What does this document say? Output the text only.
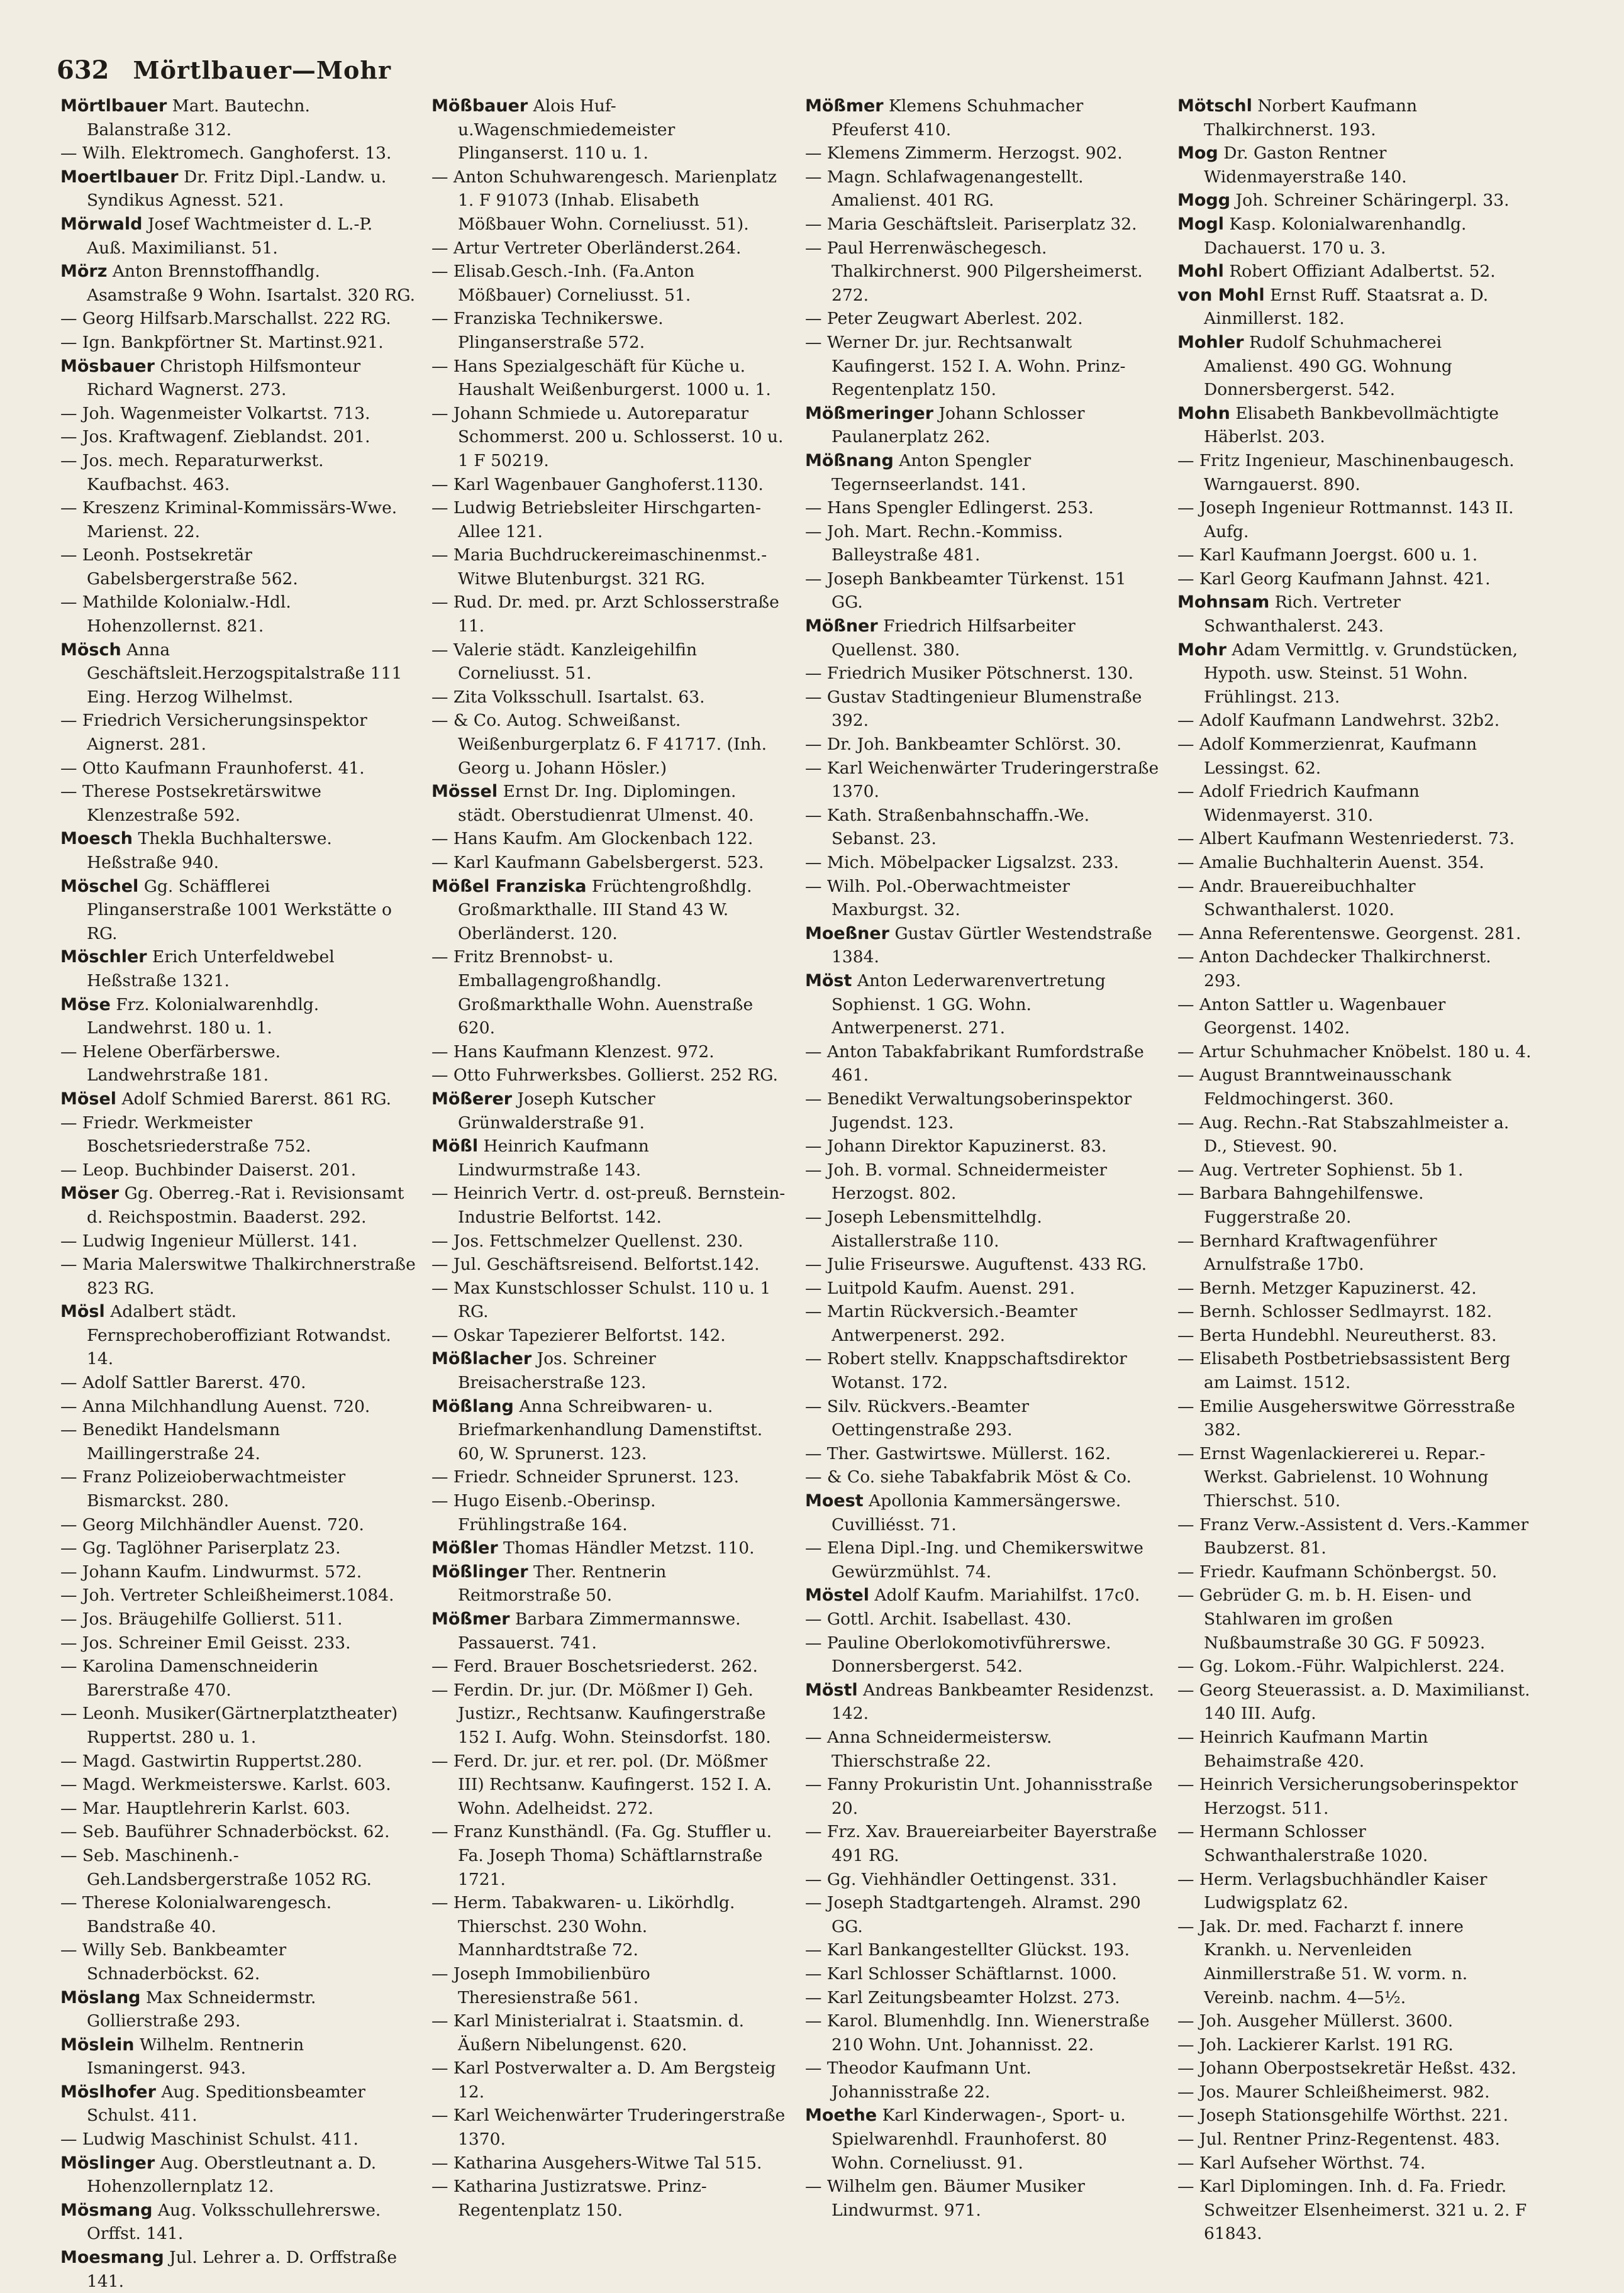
632 Mörtlbauer—Mohr
Mörtlbauer Mart. Bautechn. Balanstraße 312.
— Wilh. Elektromech. Ganghoferst. 13.
Moertlbauer Dr. Fritz Dipl.-Landw. u. Syndikus Agnesst. 521.
Mörwald Josef Wachtmeister d. L.-P. Auß. Maximilianst. 51.
Mörz Anton Brennstoffhandlg. Asamstraße 9 Wohn. Isartalst. 320 RG.
— Georg Hilfsarb.Marschallst. 222 RG.
— Ign. Bankpförtner St. Martinst.921.
Mösbauer Christoph Hilfsmonteur Richard Wagnerst. 273.
— Joh. Wagenmeister Volkartst. 713.
— Jos. Kraftwagenf. Zieblandst. 201.
— Jos. mech. Reparaturwerkst. Kaufbachst. 463.
— Kreszenz Kriminal-Kommissärs-Wwe. Marienst. 22.
— Leonh. Postsekretär Gabelsbergerstraße 562.
— Mathilde Kolonialw.-Hdl. Hohenzollernst. 821.
Mösch Anna Geschäftsleit.Herzogspitalstraße 111 Eing. Herzog Wilhelmst.
— Friedrich Versicherungsinspektor Aignerst. 281.
— Otto Kaufmann Fraunhoferst. 41.
— Therese Postsekretärswitwe Klenzestraße 592.
Moesch Thekla Buchhalterswe. Heßstraße 940.
Möschel Gg. Schäfflerei Plinganserstraße 1001 Werkstätte o RG.
Möschler Erich Unterfeldwebel Heßstraße 1321.
Möse Frz. Kolonialwarenhdlg. Landwehrst. 180 u. 1.
— Helene Oberfärberswe. Landwehrstraße 181.
Mösel Adolf Schmied Barerst. 861 RG.
— Friedr. Werkmeister Boschetsriederstraße 752.
— Leop. Buchbinder Daiserst. 201.
Möser Gg. Oberreg.-Rat i. Revisionsamt d. Reichspostmin. Baaderst. 292.
— Ludwig Ingenieur Müllerst. 141.
— Maria Malerswitwe Thalkirchnerstraße 823 RG.
Mösl Adalbert städt. Fernsprechoberoffiziant Rotwandst. 14.
— Adolf Sattler Barerst. 470.
— Anna Milchhandlung Auenst. 720.
— Benedikt Handelsmann Maillingerstraße 24.
— Franz Polizeioberwachtmeister Bismarckst. 280.
— Georg Milchhändler Auenst. 720.
— Gg. Taglöhner Pariserplatz 23.
— Johann Kaufm. Lindwurmst. 572.
— Joh. Vertreter Schleißheimerst.1084.
— Jos. Bräugehilfe Gollierst. 511.
— Jos. Schreiner Emil Geisst. 233.
— Karolina Damenschneiderin Barerstraße 470.
— Leonh. Musiker(Gärtnerplatztheater) Ruppertst. 280 u. 1.
— Magd. Gastwirtin Ruppertst.280.
— Magd. Werkmeisterswe. Karlst. 603.
— Mar. Hauptlehrerin Karlst. 603.
— Seb. Bauführer Schnaderböckst. 62.
— Seb. Maschinenh.-Geh.Landsbergerstraße 1052 RG.
— Therese Kolonialwarengesch. Bandstraße 40.
— Willy Seb. Bankbeamter Schnaderböckst. 62.
Möslang Max Schneidermstr. Gollierstraße 293.
Möslein Wilhelm. Rentnerin Ismaningerst. 943.
Möslhofer Aug. Speditionsbeamter Schulst. 411.
— Ludwig Maschinist Schulst. 411.
Möslinger Aug. Oberstleutnant a. D. Hohenzollernplatz 12.
Mösmang Aug. Volksschullehrerswe. Orffst. 141.
Moesmang Jul. Lehrer a. D. Orffstraße 141.
Mößbauer Alois Huf-u.Wagenschmiedemeister Plinganserst. 110 u. 1.
— Anton Schuhwarengesch. Marienplatz 1. F 91073 (Inhab. Elisabeth Mößbauer Wohn. Corneliusst. 51).
— Artur Vertreter Oberländerst.264.
— Elisab.Gesch.-Inh. (Fa.Anton Mößbauer) Corneliusst. 51.
— Franziska Technikerswe. Plinganserstraße 572.
— Hans Spezialgeschäft für Küche u. Haushalt Weißenburgerst. 1000 u. 1.
— Johann Schmiede u. Autoreparatur Schommerst. 200 u. Schlosserst. 10 u. 1 F 50219.
— Karl Wagenbauer Ganghoferst.1130.
— Ludwig Betriebsleiter Hirschgarten-Allee 121.
— Maria Buchdruckereimaschinenmst.-Witwe Blutenburgst. 321 RG.
— Rud. Dr. med. pr. Arzt Schlosserstraße 11.
— Valerie städt. Kanzleigehilfin Corneliusst. 51.
— Zita Volksschull. Isartalst. 63.
— & Co. Autog. Schweißanst. Weißenburgerplatz 6. F 41717. (Inh. Georg u. Johann Hösler.)
Mössel Ernst Dr. Ing. Diplomingen. städt. Oberstudienrat Ulmenst. 40.
— Hans Kaufm. Am Glockenbach 122.
— Karl Kaufmann Gabelsbergerst. 523.
Mößel Franziska Früchtengroßhdlg. Großmarkthalle. III Stand 43 W. Oberländerst. 120.
— Fritz Brennobst- u. Emballagengroßhandlg. Großmarkthalle Wohn. Auenstraße 620.
— Hans Kaufmann Klenzest. 972.
— Otto Fuhrwerksbes. Gollierst. 252 RG.
Mößerer Joseph Kutscher Grünwalderstraße 91.
Mößl Heinrich Kaufmann Lindwurmstraße 143.
— Heinrich Vertr. d. ost-preuß. Bernstein-Industrie Belfortst. 142.
— Jos. Fettschmelzer Quellenst. 230.
— Jul. Geschäftsreisend. Belfortst.142.
— Max Kunstschlosser Schulst. 110 u. 1 RG.
— Oskar Tapezierer Belfortst. 142.
Mößlacher Jos. Schreiner Breisacherstraße 123.
Mößlang Anna Schreibwaren- u. Briefmarkenhandlung Damenstiftst. 60, W. Sprunerst. 123.
— Friedr. Schneider Sprunerst. 123.
— Hugo Eisenb.-Oberinsp. Frühlingstraße 164.
Mößler Thomas Händler Metzst. 110.
Mößlinger Ther. Rentnerin Reitmorstraße 50.
Mößmer Barbara Zimmermannswe. Passauerst. 741.
— Ferd. Brauer Boschetsriederst. 262.
— Ferdin. Dr. jur. (Dr. Mößmer I) Geh. Justizr., Rechtsanw. Kaufingerstraße 152 I. Aufg. Wohn. Steinsdorfst. 180.
— Ferd. Dr. jur. et rer. pol. (Dr. Mößmer III) Rechtsanw. Kaufingerst. 152 I. A. Wohn. Adelheidst. 272.
— Franz Kunsthändl. (Fa. Gg. Stuffler u. Fa. Joseph Thoma) Schäftlarnstraße 1721.
— Herm. Tabakwaren- u. Likörhdlg. Thierschst. 230 Wohn. Mannhardtstraße 72.
— Joseph Immobilienbüro Theresienstraße 561.
— Karl Ministerialrat i. Staatsmin. d. Äußern Nibelungenst. 620.
— Karl Postverwalter a. D. Am Bergsteig 12.
— Karl Weichenwärter Truderingerstraße 1370.
— Katharina Ausgehers-Witwe Tal 515.
— Katharina Justizratswe. Prinz-Regentenplatz 150.
Mößmer Klemens Schuhmacher Pfeuferst 410.
— Klemens Zimmerm. Herzogst. 902.
— Magn. Schlafwagenangestellt. Amalienst. 401 RG.
— Maria Geschäftsleit. Pariserplatz 32.
— Paul Herrenwäschegesch. Thalkirchnerst. 900 Pilgersheimerst. 272.
— Peter Zeugwart Aberlest. 202.
— Werner Dr. jur. Rechtsanwalt Kaufingerst. 152 I. A. Wohn. Prinz-Regentenplatz 150.
Mößmeringer Johann Schlosser Paulanerplatz 262.
Mößnang Anton Spengler Tegernseerlandst. 141.
— Hans Spengler Edlingerst. 253.
— Joh. Mart. Rechn.-Kommiss. Balleystraße 481.
— Joseph Bankbeamter Türkenst. 151 GG.
Mößner Friedrich Hilfsarbeiter Quellenst. 380.
— Friedrich Musiker Pötschnerst. 130.
— Gustav Stadtingenieur Blumenstraße 392.
— Dr. Joh. Bankbeamter Schlörst. 30.
— Karl Weichenwärter Truderingerstraße 1370.
— Kath. Straßenbahnschaffn.-We. Sebanst. 23.
— Mich. Möbelpacker Ligsalzst. 233.
— Wilh. Pol.-Oberwachtmeister Maxburgst. 32.
Moeßner Gustav Gürtler Westendstraße 1384.
Möst Anton Lederwarenvertretung Sophienst. 1 GG. Wohn. Antwerpenerst. 271.
— Anton Tabakfabrikant Rumfordstraße 461.
— Benedikt Verwaltungsoberinspektor Jugendst. 123.
— Johann Direktor Kapuzinerst. 83.
— Joh. B. vormal. Schneidermeister Herzogst. 802.
— Joseph Lebensmittelhdlg. Aistallerstraße 110.
— Julie Friseurswe. Auguftenst. 433 RG.
— Luitpold Kaufm. Auenst. 291.
— Martin Rückversich.-Beamter Antwerpenerst. 292.
— Robert stellv. Knappschaftsdirektor Wotanst. 172.
— Silv. Rückvers.-Beamter Oettingenstraße 293.
— Ther. Gastwirtswe. Müllerst. 162.
— & Co. siehe Tabakfabrik Möst & Co.
Moest Apollonia Kammersängerswe. Cuvilliésst. 71.
— Elena Dipl.-Ing. und Chemikerswitwe Gewürzmühlst. 74.
Möstel Adolf Kaufm. Mariahilfst. 17c0.
— Gottl. Archit. Isabellast. 430.
— Pauline Oberlokomotivführerswe. Donnersbergerst. 542.
Möstl Andreas Bankbeamter Residenzst. 142.
— Anna Schneidermeistersw. Thierschstraße 22.
— Fanny Prokuristin Unt. Johannisstraße 20.
— Frz. Xav. Brauereiarbeiter Bayerstraße 491 RG.
— Gg. Viehhändler Oettingenst. 331.
— Joseph Stadtgartengeh. Alramst. 290 GG.
— Karl Bankangestellter Glückst. 193.
— Karl Schlosser Schäftlarnst. 1000.
— Karl Zeitungsbeamter Holzst. 273.
— Karol. Blumenhdlg. Inn. Wienerstraße 210 Wohn. Unt. Johannisst. 22.
— Theodor Kaufmann Unt. Johannisstraße 22.
Moethe Karl Kinderwagen-, Sport- u. Spielwarenhdl. Fraunhoferst. 80 Wohn. Corneliusst. 91.
— Wilhelm gen. Bäumer Musiker Lindwurmst. 971.
Mötschl Norbert Kaufmann Thalkirchnerst. 193.
Mog Dr. Gaston Rentner Widenmayerstraße 140.
Mogg Joh. Schreiner Schäringerpl. 33.
Mogl Kasp. Kolonialwarenhandlg. Dachauerst. 170 u. 3.
Mohl Robert Offiziant Adalbertst. 52.
von Mohl Ernst Ruff. Staatsrat a. D. Ainmillerst. 182.
Mohler Rudolf Schuhmacherei Amalienst. 490 GG. Wohnung Donnersbergerst. 542.
Mohn Elisabeth Bankbevollmächtigte Häberlst. 203.
— Fritz Ingenieur, Maschinenbaugesch. Warngauerst. 890.
— Joseph Ingenieur Rottmannst. 143 II. Aufg.
— Karl Kaufmann Joergst. 600 u. 1.
— Karl Georg Kaufmann Jahnst. 421.
Mohnsam Rich. Vertreter Schwanthalerst. 243.
Mohr Adam Vermittlg. v. Grundstücken, Hypoth. usw. Steinst. 51 Wohn. Frühlingst. 213.
— Adolf Kaufmann Landwehrst. 32b2.
— Adolf Kommerzienrat, Kaufmann Lessingst. 62.
— Adolf Friedrich Kaufmann Widenmayerst. 310.
— Albert Kaufmann Westenriederst. 73.
— Amalie Buchhalterin Auenst. 354.
— Andr. Brauereibuchhalter Schwanthalerst. 1020.
— Anna Referentenswe. Georgenst. 281.
— Anton Dachdecker Thalkirchnerst. 293.
— Anton Sattler u. Wagenbauer Georgenst. 1402.
— Artur Schuhmacher Knöbelst. 180 u. 4.
— August Branntweinausschank Feldmochingerst. 360.
— Aug. Rechn.-Rat Stabszahlmeister a. D., Stievest. 90.
— Aug. Vertreter Sophienst. 5b 1.
— Barbara Bahngehilfenswe. Fuggerstraße 20.
— Bernhard Kraftwagenführer Arnulfstraße 17b0.
— Bernh. Metzger Kapuzinerst. 42.
— Bernh. Schlosser Sedlmayrst. 182.
— Berta Hundebhl. Neureutherst. 83.
— Elisabeth Postbetriebsassistent Berg am Laimst. 1512.
— Emilie Ausgeherswitwe Görresstraße 382.
— Ernst Wagenlackiererei u. Repar.-Werkst. Gabrielenst. 10 Wohnung Thierschst. 510.
— Franz Verw.-Assistent d. Vers.-Kammer Baubzerst. 81.
— Friedr. Kaufmann Schönbergst. 50.
— Gebrüder G. m. b. H. Eisen- und Stahlwaren im großen Nußbaumstraße 30 GG. F 50923.
— Gg. Lokom.-Führ. Walpichlerst. 224.
— Georg Steuerassist. a. D. Maximilianst. 140 III. Aufg.
— Heinrich Kaufmann Martin Behaimstraße 420.
— Heinrich Versicherungsoberinspektor Herzogst. 511.
— Hermann Schlosser Schwanthalerstraße 1020.
— Herm. Verlagsbuchhändler Kaiser Ludwigsplatz 62.
— Jak. Dr. med. Facharzt f. innere Krankh. u. Nervenleiden Ainmillerstraße 51. W. vorm. n. Vereinb. nachm. 4—5½.
— Joh. Ausgeher Müllerst. 3600.
— Joh. Lackierer Karlst. 191 RG.
— Johann Oberpostsekretär Heßst. 432.
— Jos. Maurer Schleißheimerst. 982.
— Joseph Stationsgehilfe Wörthst. 221.
— Jul. Rentner Prinz-Regentenst. 483.
— Karl Aufseher Wörthst. 74.
— Karl Diplomingen. Inh. d. Fa. Friedr. Schweitzer Elsenheimerst. 321 u. 2. F 61843.
